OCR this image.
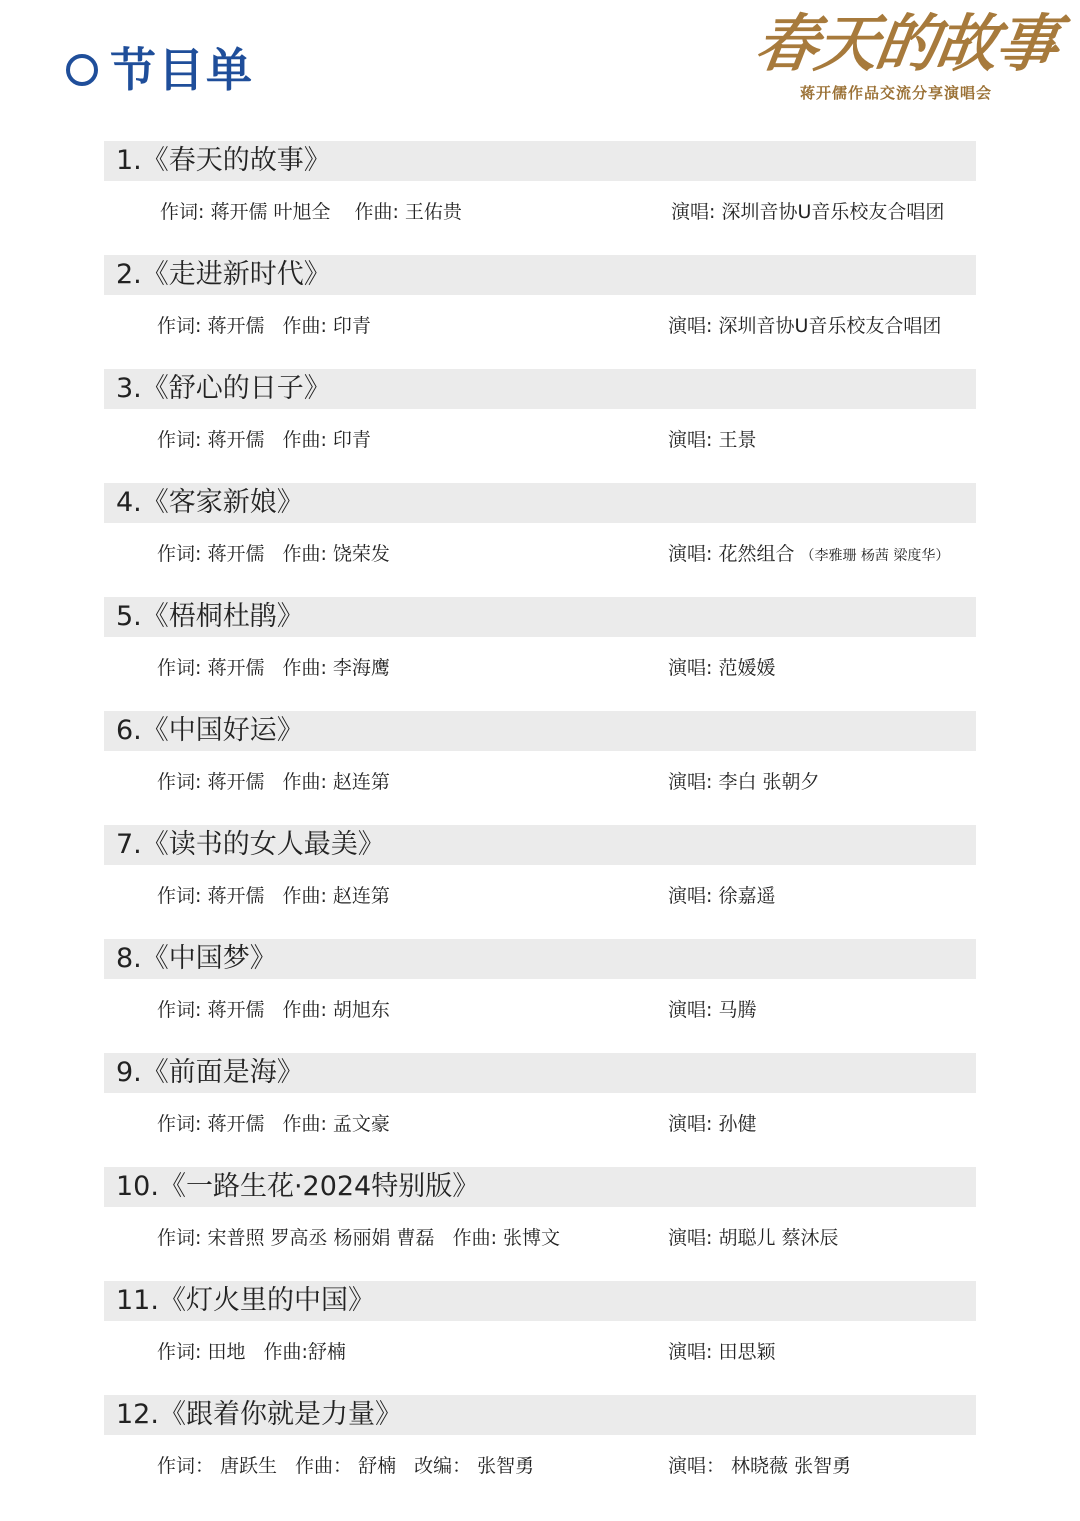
节目单	春天的故事
蒋开儒作品交流分享演唱会
1.《春天的故事》
作词: 蒋开儒 叶旭全 作曲: 王佑贵	演唱: 深圳音协U音乐校友合唱团
2.《走进新时代》
作词: 蒋开儒 作曲: 印青	演唱: 深圳音协U音乐校友合唱团
3.《舒心的日子》
作词: 蒋开儒 作曲: 印青	演唱: 王景
4.《客家新娘》
作词: 蒋开儒 作曲: 饶荣发	演唱: 花然组合 （李雅珊 杨茜 梁度华）
5.《梧桐杜鹃》
作词: 蒋开儒 作曲: 李海鹰	演唱: 范媛媛
6.《中国好运》
作词: 蒋开儒 作曲: 赵连第	演唱: 李白 张朝夕
7.《读书的女人最美》
作词: 蒋开儒 作曲: 赵连第	演唱: 徐嘉遥
8.《中国梦》
作词: 蒋开儒 作曲: 胡旭东	演唱: 马腾
9.《前面是海》
作词: 蒋开儒 作曲: 孟文豪	演唱: 孙健
10.《一路生花·2024特别版》
作词: 宋普照 罗高丞 杨丽娟 曹磊 作曲: 张博文	演唱: 胡聪儿 蔡沐辰
11.《灯火里的中国》
作词: 田地 作曲:舒楠	演唱: 田思颖
12.《跟着你就是力量》
作词： 唐跃生 作曲： 舒楠 改编： 张智勇	演唱： 林晓薇 张智勇
